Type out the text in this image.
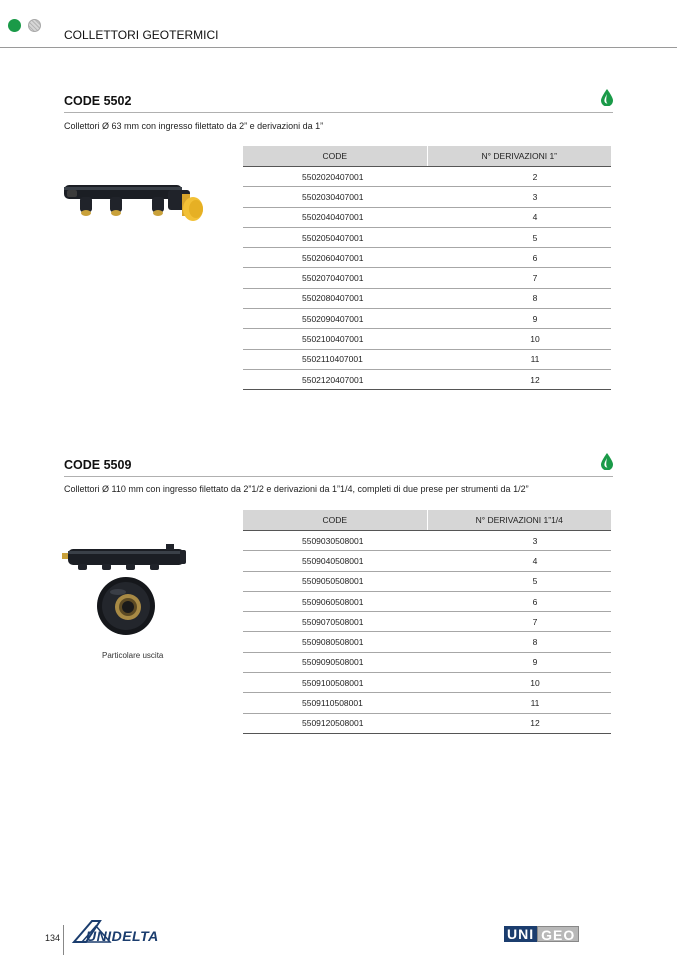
COLLETTORI GEOTERMICI
CODE 5502
Collettori Ø 63 mm con ingresso filettato da 2” e derivazioni da 1”
CODE	N° DERIVAZIONI 1”
5502020407001	2
5502030407001	3
5502040407001	4
5502050407001	5
5502060407001	6
5502070407001	7
5502080407001	8
5502090407001	9
5502100407001	10
5502110407001	11
5502120407001	12
CODE 5509
Collettori Ø 110 mm con ingresso filettato da 2”1/2 e derivazioni da 1”1/4, completi di due prese per strumenti da 1/2”
Particolare uscita
CODE	N° DERIVAZIONI 1”1/4
5509030508001	3
5509040508001	4
5509050508001	5
5509060508001	6
5509070508001	7
5509080508001	8
5509090508001	9
5509100508001	10
5509110508001	11
5509120508001	12
134 UNIDELTA	UNI GEO
